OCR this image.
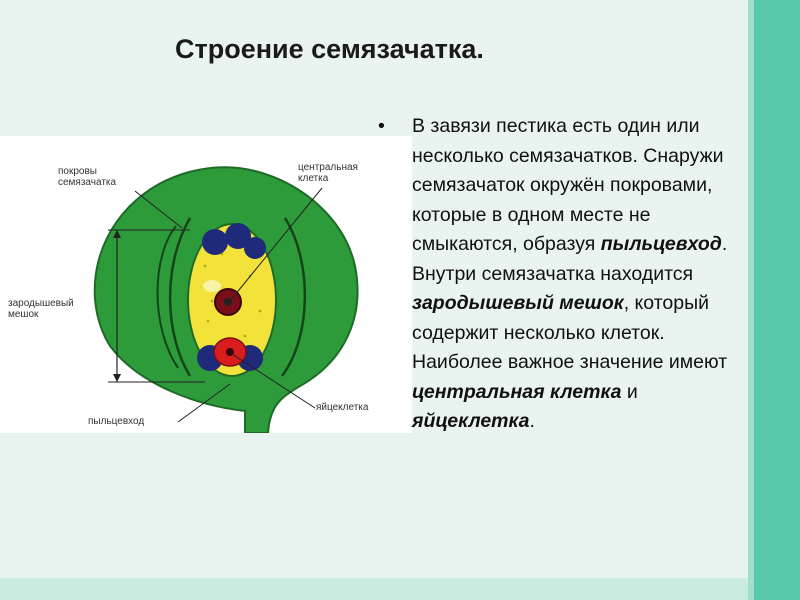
Строение семязачатка.
покровы
семязачатка
центральная
клетка
зародышевый
мешок
яйцеклетка
пыльцевход
• В завязи пестика есть один или несколько семязачатков. Снаружи семязачаток окружён покровами, которые в одном месте не смыкаются, образуя пыльцевход.
Внутри семязачатка находится зародышевый мешок, который содержит несколько клеток. Наиболее важное значение имеют центральная клетка и яйцеклетка.
